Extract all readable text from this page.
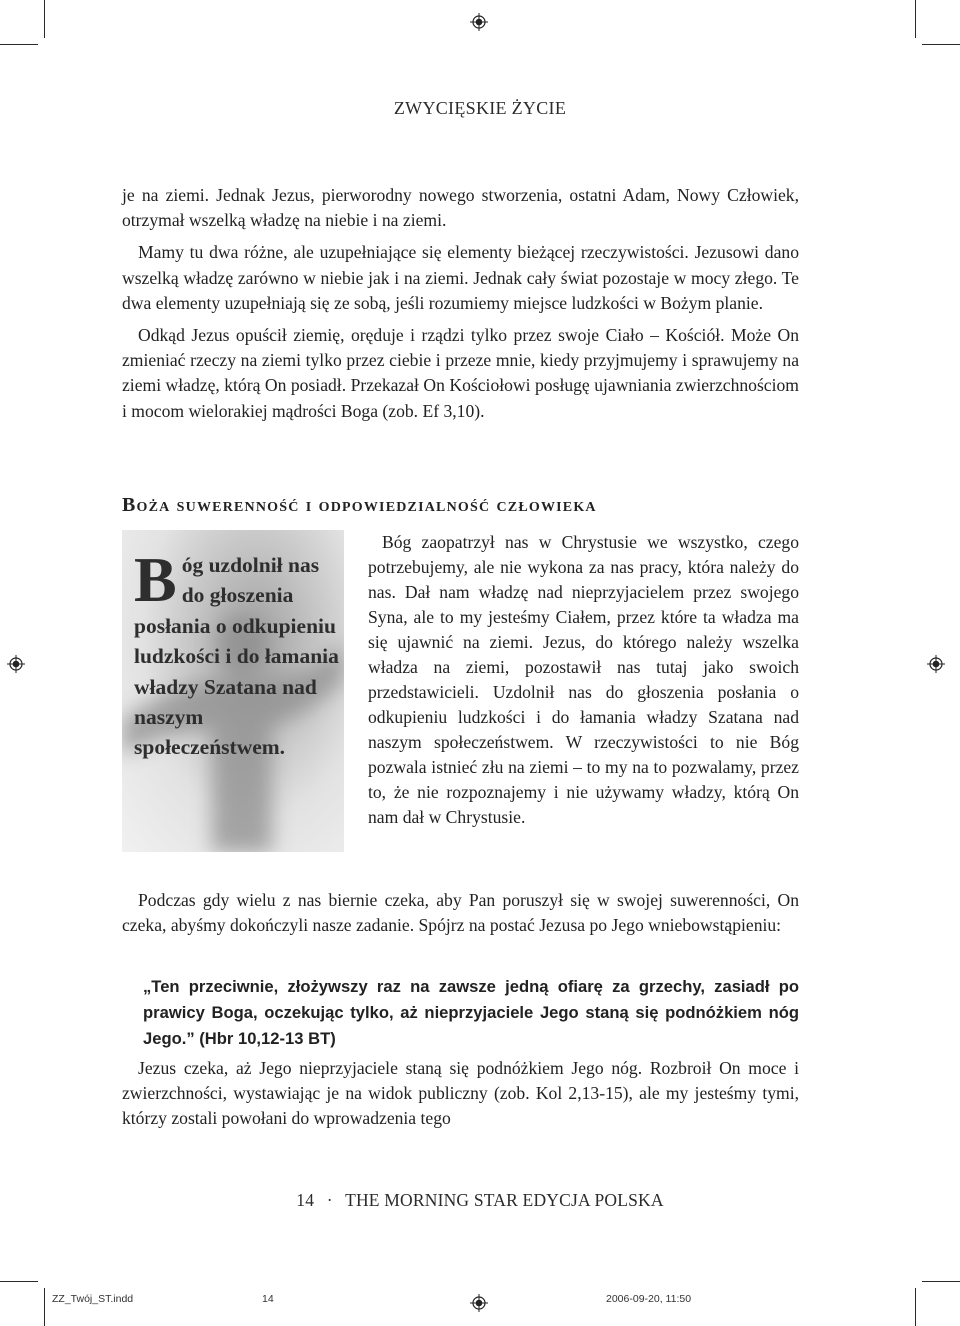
ZWYCIĘSKIE ŻYCIE

je na ziemi. Jednak Jezus, pierworodny nowego stworzenia, ostatni Adam, Nowy Człowiek, otrzymał wszelką władzę na niebie i na ziemi.

Mamy tu dwa różne, ale uzupełniające się elementy bieżącej rzeczywistości. Jezusowi dano wszelką władzę zarówno w niebie jak i na ziemi. Jednak cały świat pozostaje w mocy złego. Te dwa elementy uzupełniają się ze sobą, jeśli rozumiemy miejsce ludzkości w Bożym planie.

Odkąd Jezus opuścił ziemię, oręduje i rządzi tylko przez swoje Ciało – Kościół. Może On zmieniać rzeczy na ziemi tylko przez ciebie i przeze mnie, kiedy przyjmujemy i sprawujemy na ziemi władzę, którą On posiadł. Przekazał On Kościołowi posługę ujawniania zwierzchnościom i mocom wielorakiej mądrości Boga (zob. Ef 3,10).

Boża suwerenność i odpowiedzialność człowieka
Bóg uzdolnił nas do głoszenia posłania o odkupieniu ludzkości i do łamania władzy Szatana nad naszym społeczeństwem.

Bóg zaopatrzył nas w Chrystusie we wszystko, czego potrzebujemy, ale nie wykona za nas pracy, która należy do nas. Dał nam władzę nad nieprzyjacielem przez swojego Syna, ale to my jesteśmy Ciałem, przez które ta władza ma się ujawnić na ziemi. Jezus, do którego należy wszelka władza na ziemi, pozostawił nas tutaj jako swoich przedstawicieli. Uzdolnił nas do głoszenia posłania o odkupieniu ludzkości i do łamania władzy Szatana nad naszym społeczeństwem. W rzeczywistości to nie Bóg pozwala istnieć złu na ziemi – to my na to pozwalamy, przez to, że nie rozpoznajemy i nie używamy władzy, którą On nam dał w Chrystusie.

Podczas gdy wielu z nas biernie czeka, aby Pan poruszył się w swojej suwerenności, On czeka, abyśmy dokończyli nasze zadanie. Spójrz na postać Jezusa po Jego wniebowstąpieniu:

„Ten przeciwnie, złożywszy raz na zawsze jedną ofiarę za grzechy, zasiadł po prawicy Boga, oczekując tylko, aż nieprzyjaciele Jego staną się podnóżkiem nóg Jego.” (Hbr 10,12-13 BT)

Jezus czeka, aż Jego nieprzyjaciele staną się podnóżkiem Jego nóg. Rozbroił On moce i zwierzchności, wystawiając je na widok publiczny (zob. Kol 2,13-15), ale my jesteśmy tymi, którzy zostali powołani do wprowadzenia tego

14 · THE MORNING STAR EDYCJA POLSKA
ZZ_Twój_ST.indd	14	2006-09-20, 11:50
